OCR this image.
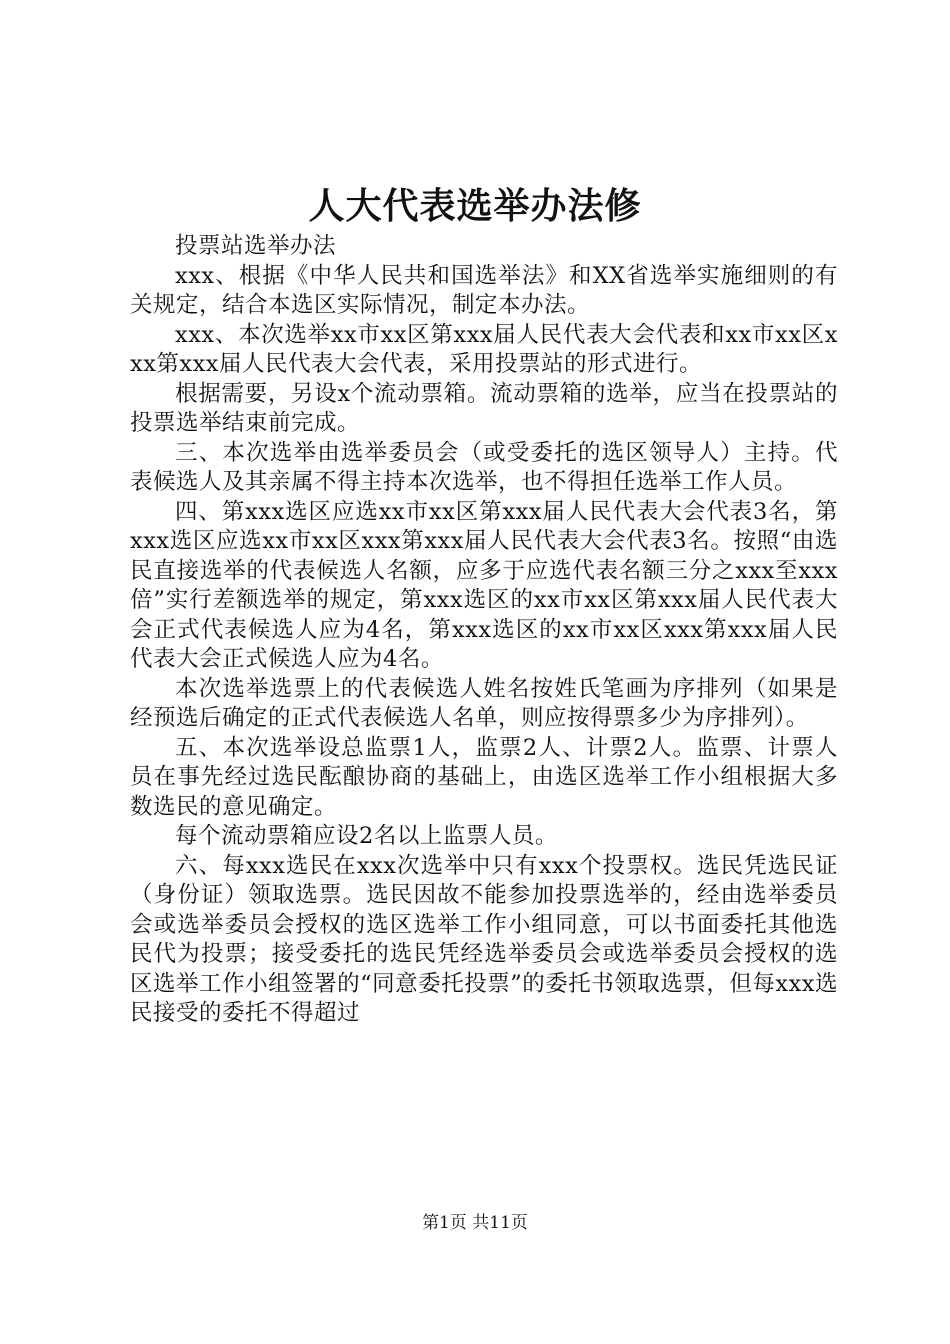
人大代表选举办法修

投票站选举办法

xxx、根据《中华人民共和国选举法》和XX省选举实施细则的有关规定，结合本选区实际情况，制定本办法。

xxx、本次选举xx市xx区第xxx届人民代表大会代表和xx市xx区xxx第xxx届人民代表大会代表，采用投票站的形式进行。

根据需要，另设x个流动票箱。流动票箱的选举，应当在投票站的投票选举结束前完成。

三、本次选举由选举委员会（或受委托的选区领导人）主持。代表候选人及其亲属不得主持本次选举，也不得担任选举工作人员。

四、第xxx选区应选xx市xx区第xxx届人民代表大会代表3名，第xxx选区应选xx市xx区xxx第xxx届人民代表大会代表3名。按照“由选民直接选举的代表候选人名额，应多于应选代表名额三分之xxx至xxx倍”实行差额选举的规定，第xxx选区的xx市xx区第xxx届人民代表大会正式代表候选人应为4名，第xxx选区的xx市xx区xxx第xxx届人民代表大会正式候选人应为4名。

本次选举选票上的代表候选人姓名按姓氏笔画为序排列（如果是经预选后确定的正式代表候选人名单，则应按得票多少为序排列）。

五、本次选举设总监票1人，监票2人、计票2人。监票、计票人员在事先经过选民酝酿协商的基础上，由选区选举工作小组根据大多数选民的意见确定。

每个流动票箱应设2名以上监票人员。

六、每xxx选民在xxx次选举中只有xxx个投票权。选民凭选民证（身份证）领取选票。选民因故不能参加投票选举的，经由选举委员会或选举委员会授权的选区选举工作小组同意，可以书面委托其他选民代为投票；接受委托的选民凭经选举委员会或选举委员会授权的选区选举工作小组签署的“同意委托投票”的委托书领取选票，但每xxx选民接受的委托不得超过

第1页 共11页
